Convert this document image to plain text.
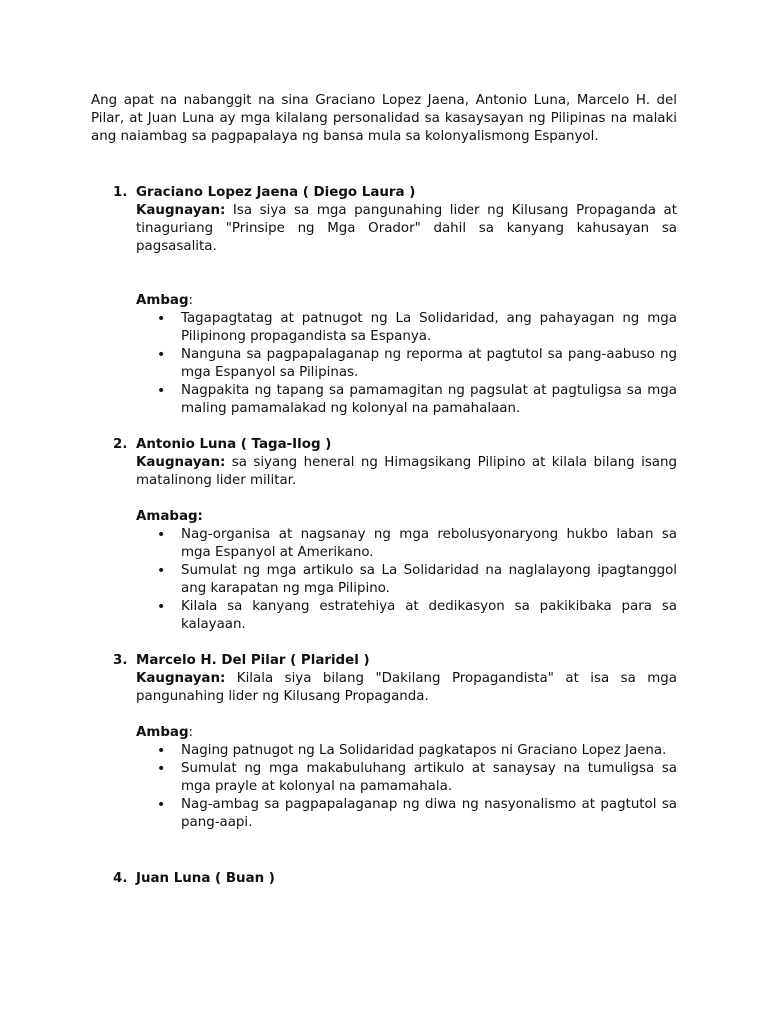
Ang apat na nabanggit na sina Graciano Lopez Jaena, Antonio Luna, Marcelo H. del Pilar, at Juan Luna ay mga kilalang personalidad sa kasaysayan ng Pilipinas na malaki ang naiambag sa pagpapalaya ng bansa mula sa kolonyalismong Espanyol.

1. Graciano Lopez Jaena ( Diego Laura )

Kaugnayan: Isa siya sa mga pangunahing lider ng Kilusang Propaganda at tinaguriang "Prinsipe ng Mga Orador" dahil sa kanyang kahusayan sa pagsasalita.

Ambag:
• Tagapagtatag at patnugot ng La Solidaridad, ang pahayagan ng mga Pilipinong propagandista sa Espanya.
• Nanguna sa pagpapalaganap ng reporma at pagtutol sa pang-aabuso ng mga Espanyol sa Pilipinas.
• Nagpakita ng tapang sa pamamagitan ng pagsulat at pagtuligsa sa mga maling pamamalakad ng kolonyal na pamahalaan.
2. Antonio Luna ( Taga-Ilog )

Kaugnayan: sa siyang heneral ng Himagsikang Pilipino at kilala bilang isang matalinong lider militar.

Amabag:
• Nag-organisa at nagsanay ng mga rebolusyonaryong hukbo laban sa mga Espanyol at Amerikano.
• Sumulat ng mga artikulo sa La Solidaridad na naglalayong ipagtanggol ang karapatan ng mga Pilipino.
• Kilala sa kanyang estratehiya at dedikasyon sa pakikibaka para sa kalayaan.
3. Marcelo H. Del Pilar ( Plaridel )

Kaugnayan: Kilala siya bilang "Dakilang Propagandista" at isa sa mga pangunahing lider ng Kilusang Propaganda.

Ambag:
• Naging patnugot ng La Solidaridad pagkatapos ni Graciano Lopez Jaena.
• Sumulat ng mga makabuluhang artikulo at sanaysay na tumuligsa sa mga prayle at kolonyal na pamamahala.
• Nag-ambag sa pagpapalaganap ng diwa ng nasyonalismo at pagtutol sa pang-aapi.
4. Juan Luna ( Buan )
